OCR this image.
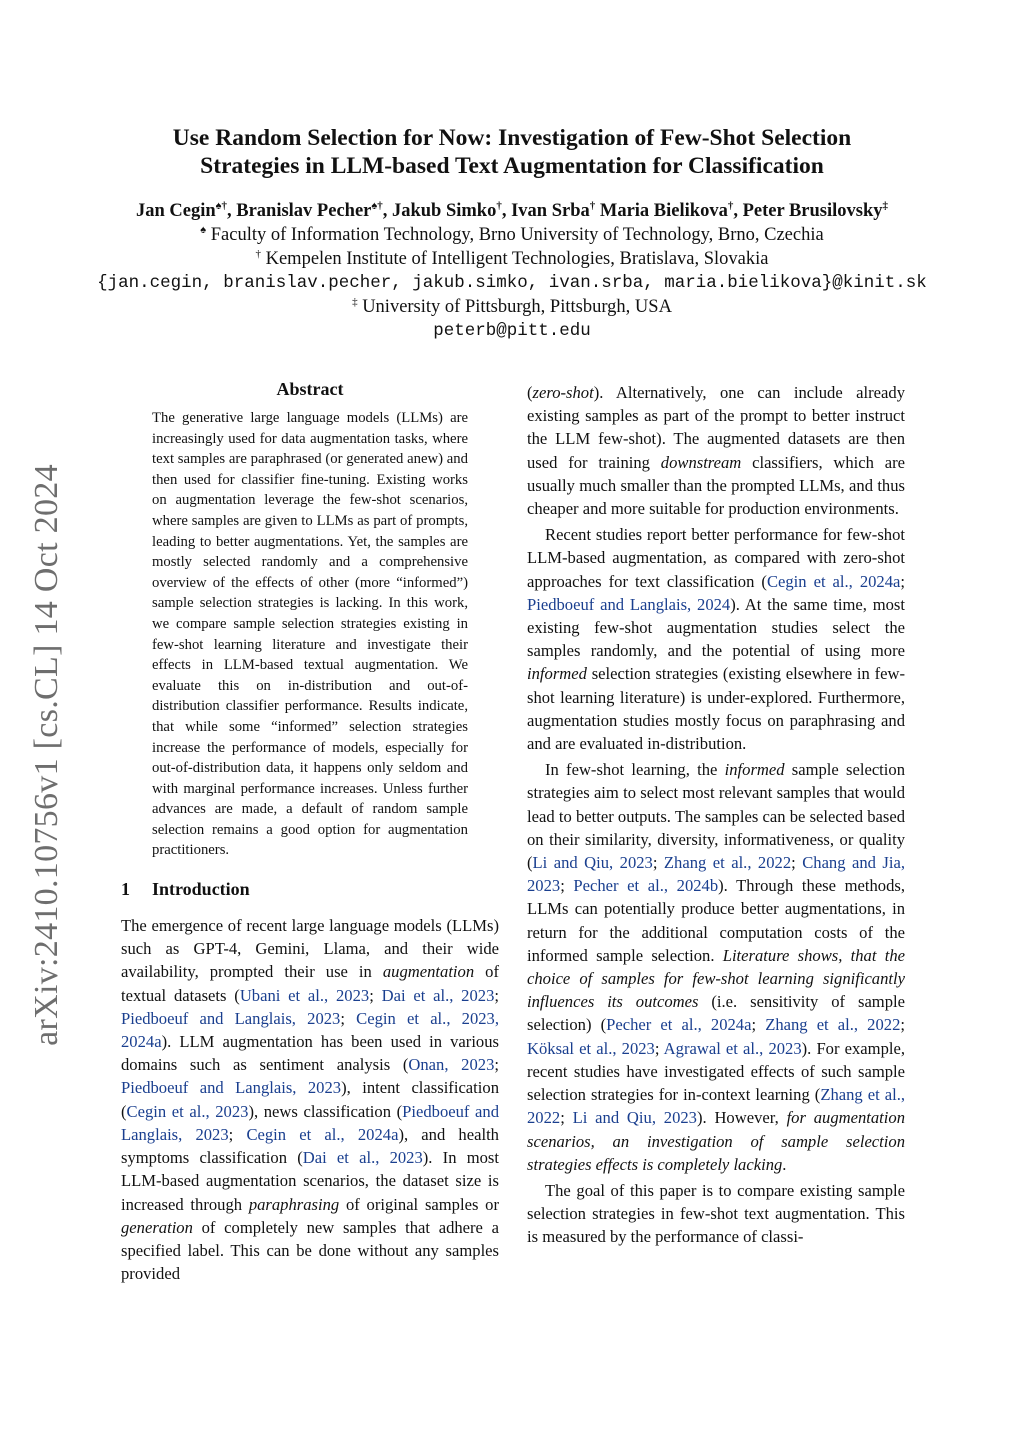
arXiv:2410.10756v1 [cs.CL] 14 Oct 2024
Use Random Selection for Now: Investigation of Few-Shot Selection
Strategies in LLM-based Text Augmentation for Classification
Jan Cegin♠†, Branislav Pecher♠†, Jakub Simko†, Ivan Srba† Maria Bielikova†, Peter Brusilovsky‡
♠ Faculty of Information Technology, Brno University of Technology, Brno, Czechia
† Kempelen Institute of Intelligent Technologies, Bratislava, Slovakia
{jan.cegin, branislav.pecher, jakub.simko, ivan.srba, maria.bielikova}@kinit.sk
‡ University of Pittsburgh, Pittsburgh, USA
peterb@pitt.edu
Abstract

The generative large language models (LLMs) are increasingly used for data augmentation tasks, where text samples are paraphrased (or generated anew) and then used for classifier fine-tuning. Existing works on augmentation leverage the few-shot scenarios, where samples are given to LLMs as part of prompts, leading to better augmentations. Yet, the samples are mostly selected randomly and a comprehensive overview of the effects of other (more “informed”) sample selection strategies is lacking. In this work, we compare sample selection strategies existing in few-shot learning literature and investigate their effects in LLM-based textual augmentation. We evaluate this on in-distribution and out-of-distribution classifier performance. Results indicate, that while some “informed” selection strategies increase the performance of models, especially for out-of-distribution data, it happens only seldom and with marginal performance increases. Unless further advances are made, a default of random sample selection remains a good option for augmentation practitioners.

1 Introduction

The emergence of recent large language models (LLMs) such as GPT-4, Gemini, Llama, and their wide availability, prompted their use in augmentation of textual datasets (Ubani et al., 2023; Dai et al., 2023; Piedboeuf and Langlais, 2023; Cegin et al., 2023, 2024a). LLM augmentation has been used in various domains such as sentiment analysis (Onan, 2023; Piedboeuf and Langlais, 2023), intent classification (Cegin et al., 2023), news classification (Piedboeuf and Langlais, 2023; Cegin et al., 2024a), and health symptoms classification (Dai et al., 2023). In most LLM-based augmentation scenarios, the dataset size is increased through paraphrasing of original samples or generation of completely new samples that adhere a specified label. This can be done without any samples provided

(zero-shot). Alternatively, one can include already existing samples as part of the prompt to better instruct the LLM few-shot). The augmented datasets are then used for training downstream classifiers, which are usually much smaller than the prompted LLMs, and thus cheaper and more suitable for production environments.

Recent studies report better performance for few-shot LLM-based augmentation, as compared with zero-shot approaches for text classification (Cegin et al., 2024a; Piedboeuf and Langlais, 2024). At the same time, most existing few-shot augmentation studies select the samples randomly, and the potential of using more informed selection strategies (existing elsewhere in few-shot learning literature) is under-explored. Furthermore, augmentation studies mostly focus on paraphrasing and and are evaluated in-distribution.

In few-shot learning, the informed sample selection strategies aim to select most relevant samples that would lead to better outputs. The samples can be selected based on their similarity, diversity, informativeness, or quality (Li and Qiu, 2023; Zhang et al., 2022; Chang and Jia, 2023; Pecher et al., 2024b). Through these methods, LLMs can potentially produce better augmentations, in return for the additional computation costs of the informed sample selection. Literature shows, that the choice of samples for few-shot learning significantly influences its outcomes (i.e. sensitivity of sample selection) (Pecher et al., 2024a; Zhang et al., 2022; Köksal et al., 2023; Agrawal et al., 2023). For example, recent studies have investigated effects of such sample selection strategies for in-context learning (Zhang et al., 2022; Li and Qiu, 2023). However, for augmentation scenarios, an investigation of sample selection strategies effects is completely lacking.

The goal of this paper is to compare existing sample selection strategies in few-shot text augmentation. This is measured by the performance of classi-
